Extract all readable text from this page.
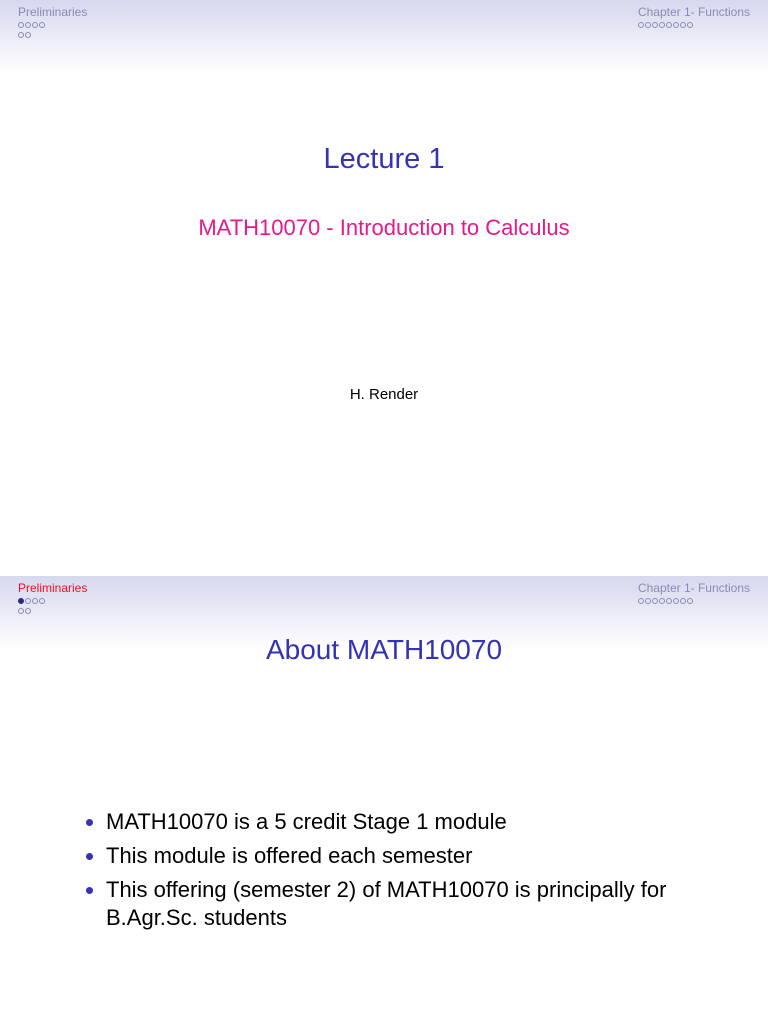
Preliminaries	Chapter 1- Functions
Lecture 1
MATH10070 - Introduction to Calculus
H. Render
Preliminaries	Chapter 1- Functions
About MATH10070
MATH10070 is a 5 credit Stage 1 module
This module is offered each semester
This offering (semester 2) of MATH10070 is principally for B.Agr.Sc. students
